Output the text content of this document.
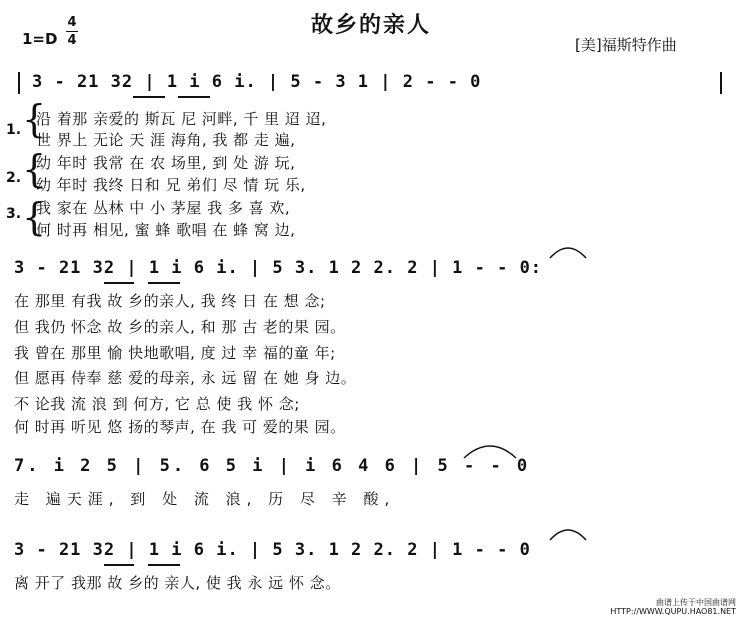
故乡的亲人
1=D
4
4	[美]福斯特作曲
3 - 21 32 | 1 i 6 i. | 5 - 3 1 | 2 - - 0
1.
2.
3.
{
{
{
沿 着那 亲爱的 斯瓦 尼 河畔, 千 里 迢 迢,
世 界上 无论 天 涯 海角, 我 都 走 遍,
幼 年时 我常 在 农 场里, 到 处 游 玩,
幼 年时 我终 日和 兄 弟们 尽 情 玩 乐,
我 家在 丛林 中 小 茅屋 我 多 喜 欢,
何 时再 相见, 蜜 蜂 歌唱 在 蜂 窝 边,
3 - 21 32 | 1 i 6 i. | 5 3. 1 2 2. 2 | 1 - - 0:
在 那里 有我 故 乡的亲人, 我 终 日 在 想 念;
但 我仍 怀念 故 乡的亲人, 和 那 古 老的果 园。
我 曾在 那里 愉 快地歌唱, 度 过 幸 福的童 年;
但 愿再 侍奉 慈 爱的母亲, 永 远 留 在 她 身 边。
不 论我 流 浪 到 何方, 它 总 使 我 怀 念;
何 时再 听见 悠 扬的琴声, 在 我 可 爱的果 园。
7. i 2 5 | 5. 6 5 i | i 6 4 6 | 5 - - 0
走 遍天涯, 到 处 流 浪, 历 尽 辛 酸,
3 - 21 32 | 1 i 6 i. | 5 3. 1 2 2. 2 | 1 - - 0
离 开了 我那 故 乡的 亲人, 使 我 永 远 怀 念。
曲谱上传于中国曲谱网
HTTP://WWW.QUPU.HAO81.NET
